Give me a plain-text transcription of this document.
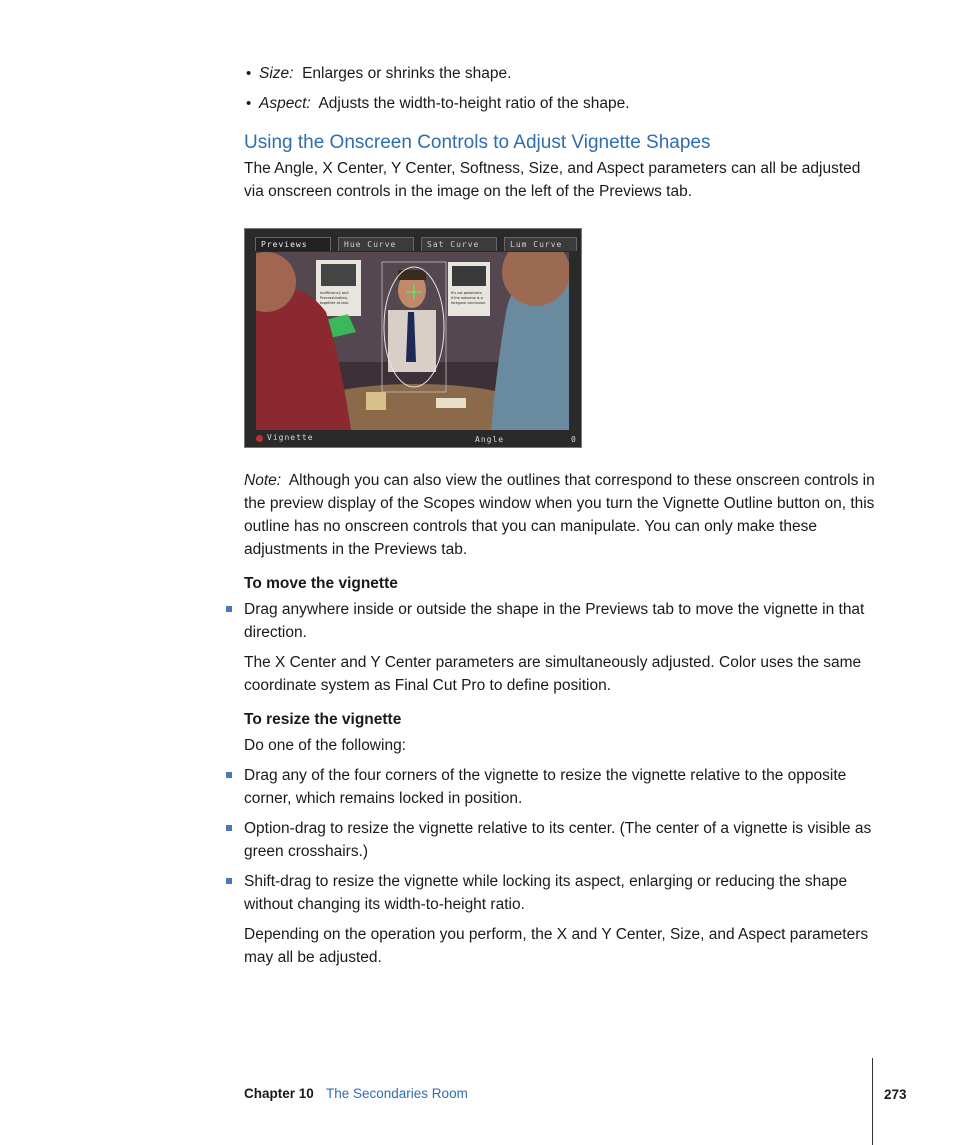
• Size: Enlarges or shrinks the shape.
• Aspect: Adjusts the width-to-height ratio of the shape.
Using the Onscreen Controls to Adjust Vignette Shapes
The Angle, X Center, Y Center, Softness, Size, and Aspect parameters can all be adjusted via onscreen controls in the image on the left of the Previews tab.
Previews	Hue Curve	Sat Curve	Lum Curve
Inefficiency and Procrastination, together at last.
It's not pessimism if the outcome is a foregone conclusion.
Vignette	Angle	0
Note: Although you can also view the outlines that correspond to these onscreen controls in the preview display of the Scopes window when you turn the Vignette Outline button on, this outline has no onscreen controls that you can manipulate. You can only make these adjustments in the Previews tab.
To move the vignette
Drag anywhere inside or outside the shape in the Previews tab to move the vignette in that direction.
The X Center and Y Center parameters are simultaneously adjusted. Color uses the same coordinate system as Final Cut Pro to define position.
To resize the vignette
Do one of the following:
Drag any of the four corners of the vignette to resize the vignette relative to the opposite corner, which remains locked in position.
Option-drag to resize the vignette relative to its center. (The center of a vignette is visible as green crosshairs.)
Shift-drag to resize the vignette while locking its aspect, enlarging or reducing the shape without changing its width-to-height ratio.
Depending on the operation you perform, the X and Y Center, Size, and Aspect parameters may all be adjusted.
Chapter 10 The Secondaries Room	273
